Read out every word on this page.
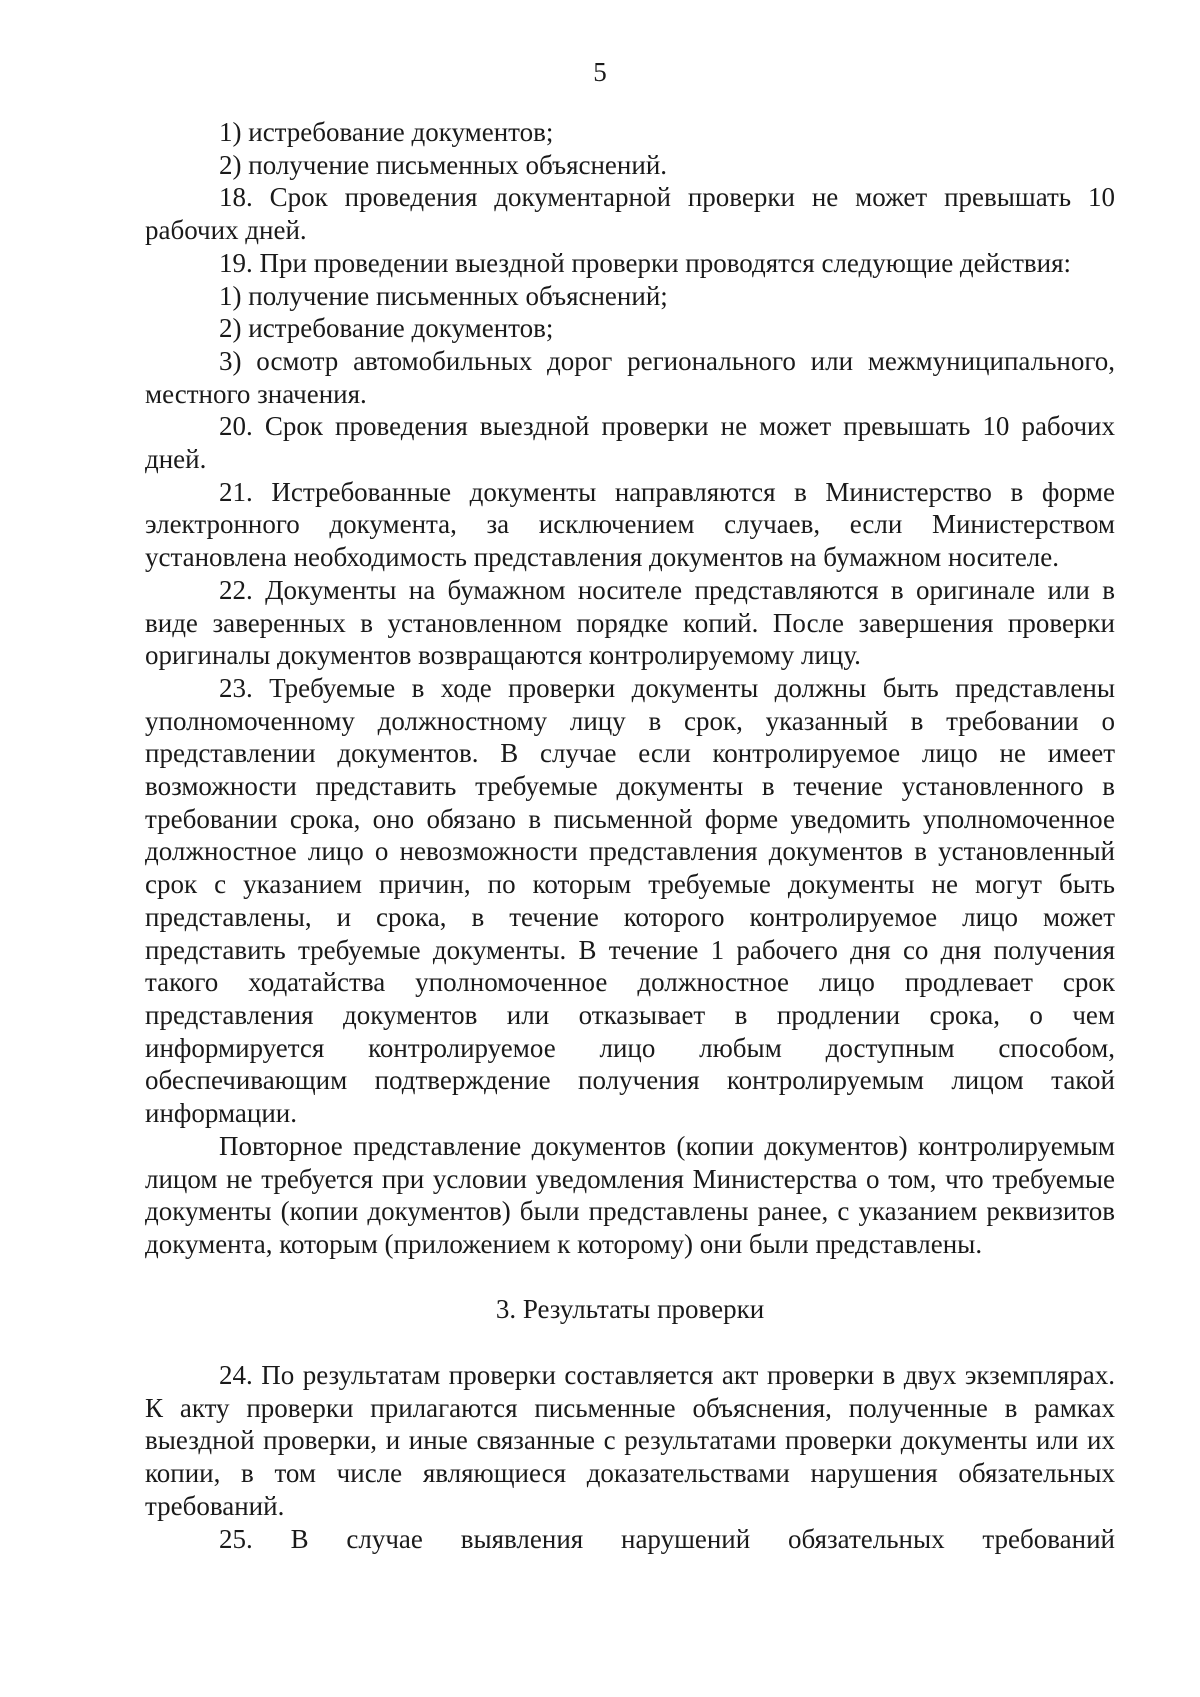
5

1) истребование документов;

2) получение письменных объяснений.

18. Срок проведения документарной проверки не может превышать 10 рабочих дней.

19. При проведении выездной проверки проводятся следующие действия:

1) получение письменных объяснений;

2) истребование документов;

3) осмотр автомобильных дорог регионального или межмуниципального, местного значения.

20. Срок проведения выездной проверки не может превышать 10 рабочих дней.

21. Истребованные документы направляются в Министерство в форме электронного документа, за исключением случаев, если Министерством установлена необходимость представления документов на бумажном носителе.

22. Документы на бумажном носителе представляются в оригинале или в виде заверенных в установленном порядке копий. После завершения проверки оригиналы документов возвращаются контролируемому лицу.

23. Требуемые в ходе проверки документы должны быть представлены уполномоченному должностному лицу в срок, указанный в требовании о представлении документов. В случае если контролируемое лицо не имеет возможности представить требуемые документы в течение установленного в требовании срока, оно обязано в письменной форме уведомить уполномоченное должностное лицо о невозможности представления документов в установленный срок с указанием причин, по которым требуемые документы не могут быть представлены, и срока, в течение которого контролируемое лицо может представить требуемые документы. В течение 1 рабочего дня со дня получения такого ходатайства уполномоченное должностное лицо продлевает срок представления документов или отказывает в продлении срока, о чем информируется контролируемое лицо любым доступным способом, обеспечивающим подтверждение получения контролируемым лицом такой информации.

Повторное представление документов (копии документов) контролируемым лицом не требуется при условии уведомления Министерства о том, что требуемые документы (копии документов) были представлены ранее, с указанием реквизитов документа, которым (приложением к которому) они были представлены.

3. Результаты проверки

24. По результатам проверки составляется акт проверки в двух экземплярах. К акту проверки прилагаются письменные объяснения, полученные в рамках выездной проверки, и иные связанные с результатами проверки документы или их копии, в том числе являющиеся доказательствами нарушения обязательных требований.

25. В случае выявления нарушений обязательных требований
